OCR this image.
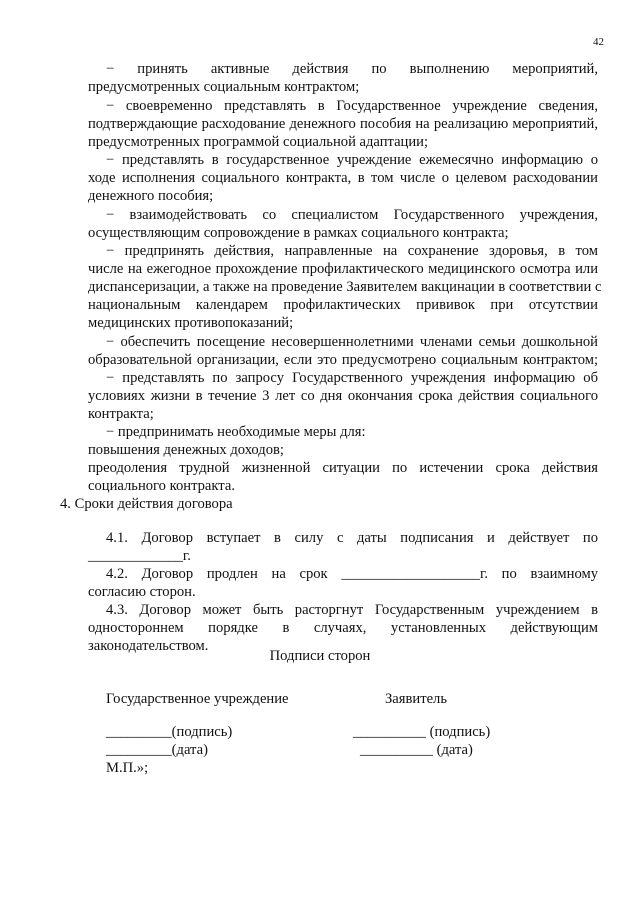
42
− принять активные действия по выполнению мероприятий,
предусмотренных социальным контрактом;
− своевременно представлять в Государственное учреждение сведения,
подтверждающие расходование денежного пособия на реализацию мероприятий,
предусмотренных программой социальной адаптации;
− представлять в государственное учреждение ежемесячно информацию о
ходе исполнения социального контракта, в том числе о целевом расходовании
денежного пособия;
− взаимодействовать со специалистом Государственного учреждения,
осуществляющим сопровождение в рамках социального контракта;
− предпринять действия, направленные на сохранение здоровья, в том
числе на ежегодное прохождение профилактического медицинского осмотра или
диспансеризации, а также на проведение Заявителем вакцинации в соответствии с
национальным календарем профилактических прививок при отсутствии
медицинских противопоказаний;
− обеспечить посещение несовершеннолетними членами семьи дошкольной
образовательной организации, если это предусмотрено социальным контрактом;
− представлять по запросу Государственного учреждения информацию об
условиях жизни в течение 3 лет со дня окончания срока действия социального
контракта;
− предпринимать необходимые меры для:
повышения денежных доходов;
преодоления трудной жизненной ситуации по истечении срока действия
социального контракта.
4. Сроки действия договора
4.1. Договор вступает в силу с даты подписания и действует по
_____________г.
4.2. Договор продлен на срок ___________________г. по взаимному
согласию сторон.
4.3. Договор может быть расторгнут Государственным учреждением в
одностороннем порядке в случаях, установленных действующим
законодательством.
Подписи сторон
Государственное учреждение	Заявитель
_________(подпись)	__________ (подпись)
_________(дата)	__________ (дата)
М.П.»;
